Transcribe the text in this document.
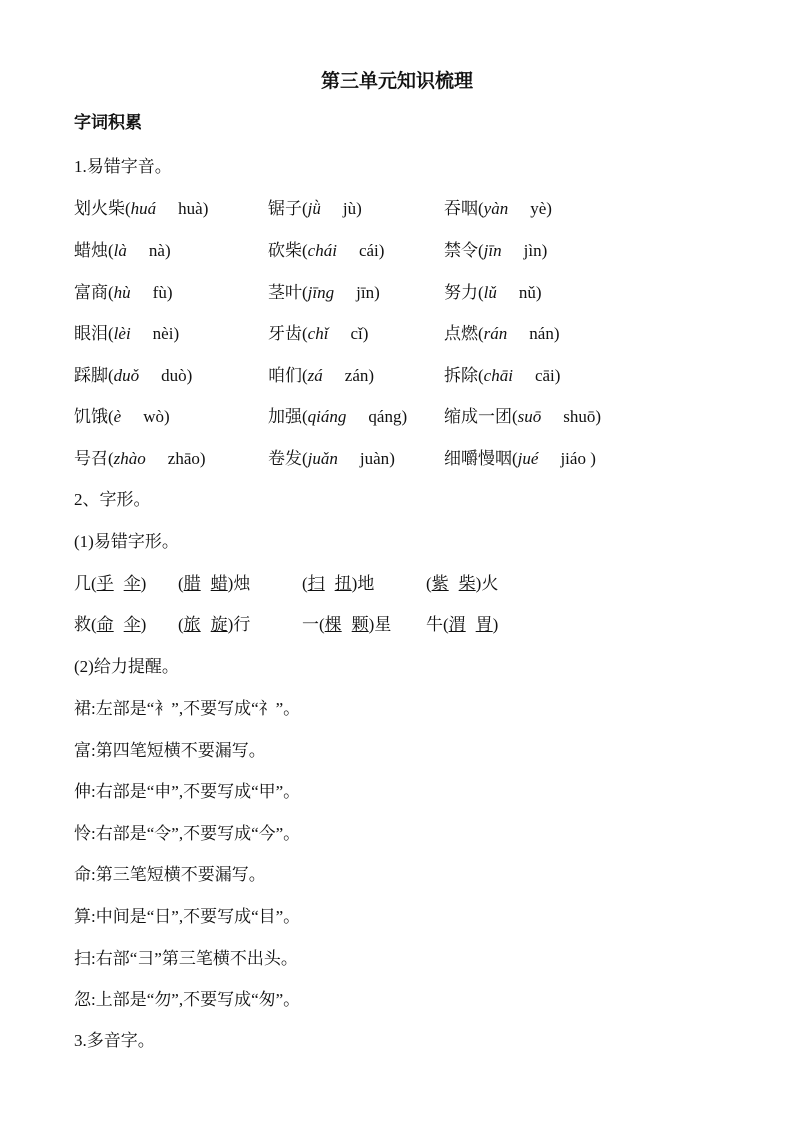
第三单元知识梳理
字词积累
1.易错字音。
划火柴(huá huà)	锯子(jǜ jù)	吞咽(yàn yè)
蜡烛(là nà)	砍柴(chái cái)	禁令(jīn jìn)
富商(hù fù)	茎叶(jīng jīn)	努力(lǔ nǔ)
眼泪(lèi nèi)	牙齿(chǐ cǐ)	点燃(rán nán)
踩脚(duǒ duò)	咱们(zá zán)	拆除(chāi cāi)
饥饿(è wò)	加强(qiáng qáng) 缩成一团(suō shuō)
号召(zhào zhāo)	卷发(juǎn juàn)	细嚼慢咽(jué jiáo )
2、字形。
(1)易错字形。
几(乎 伞) (腊 蜡)烛	(扫 扭)地	(紫 柴)火
救(命 伞) (旅 旋)行	一(棵 颗)星 牛(渭 胃)
(2)给力提醒。
裙:左部是“衤”,不要写成“礻”。
富:第四笔短横不要漏写。
伸:右部是“申”,不要写成“甲”。
怜:右部是“令”,不要写成“今”。
命:第三笔短横不要漏写。
算:中间是“日”,不要写成“目”。
扫:右部“彐”第三笔横不出头。
忽:上部是“勿”,不要写成“匆”。
3.多音字。
